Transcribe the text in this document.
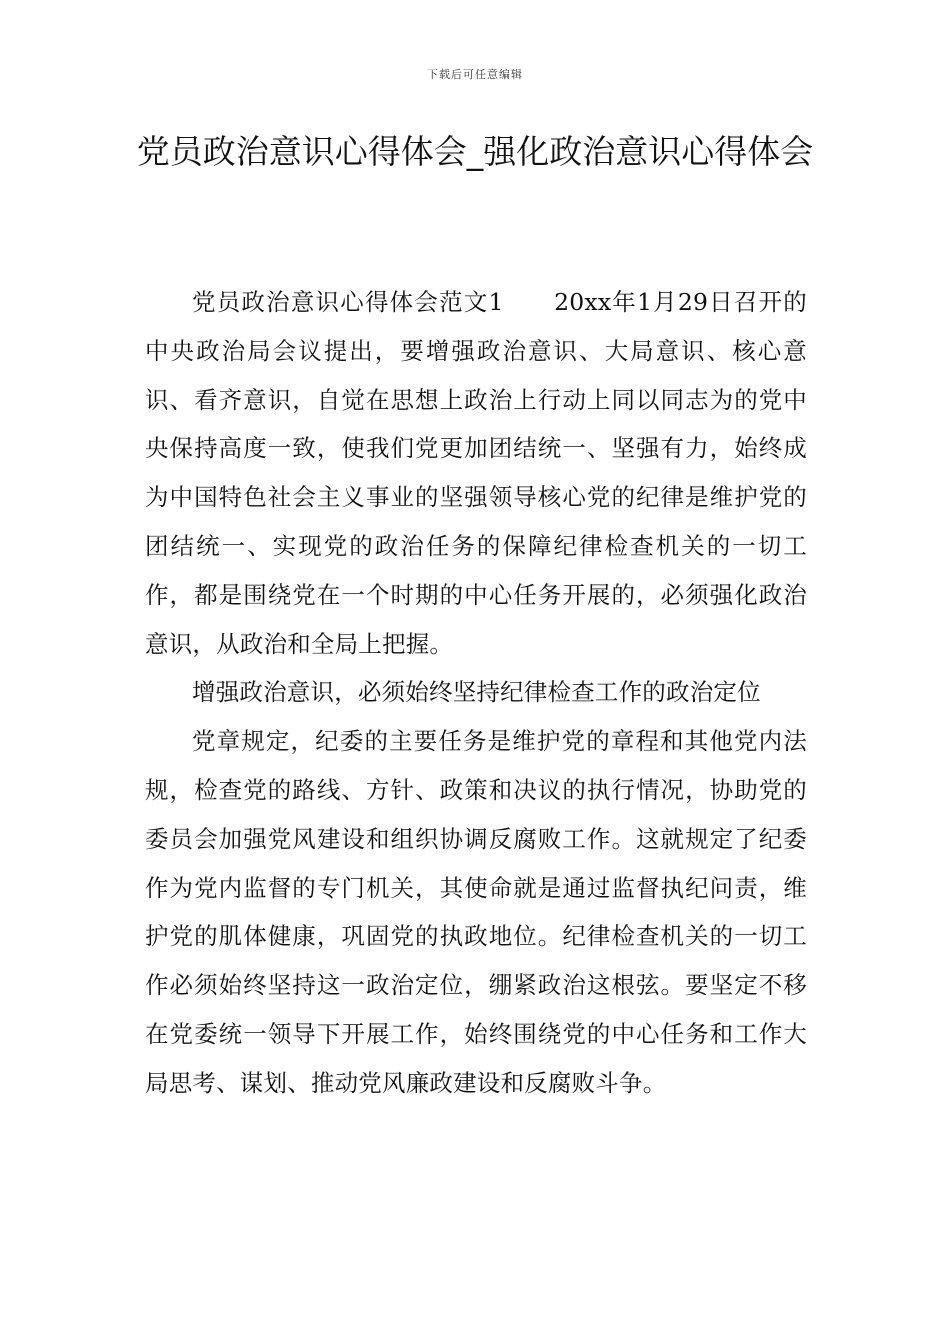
下载后可任意编辑
党员政治意识心得体会_强化政治意识心得体会

党员政治意识心得体会范文1　　20xx年1月29日召开的中央政治局会议提出，要增强政治意识、大局意识、核心意识、看齐意识，自觉在思想上政治上行动上同以同志为的党中央保持高度一致，使我们党更加团结统一、坚强有力，始终成为中国特色社会主义事业的坚强领导核心党的纪律是维护党的团结统一、实现党的政治任务的保障纪律检查机关的一切工作，都是围绕党在一个时期的中心任务开展的，必须强化政治意识，从政治和全局上把握。

增强政治意识，必须始终坚持纪律检查工作的政治定位

党章规定，纪委的主要任务是维护党的章程和其他党内法规，检查党的路线、方针、政策和决议的执行情况，协助党的委员会加强党风建设和组织协调反腐败工作。这就规定了纪委作为党内监督的专门机关，其使命就是通过监督执纪问责，维护党的肌体健康，巩固党的执政地位。纪律检查机关的一切工作必须始终坚持这一政治定位，绷紧政治这根弦。要坚定不移在党委统一领导下开展工作，始终围绕党的中心任务和工作大局思考、谋划、推动党风廉政建设和反腐败斗争。
